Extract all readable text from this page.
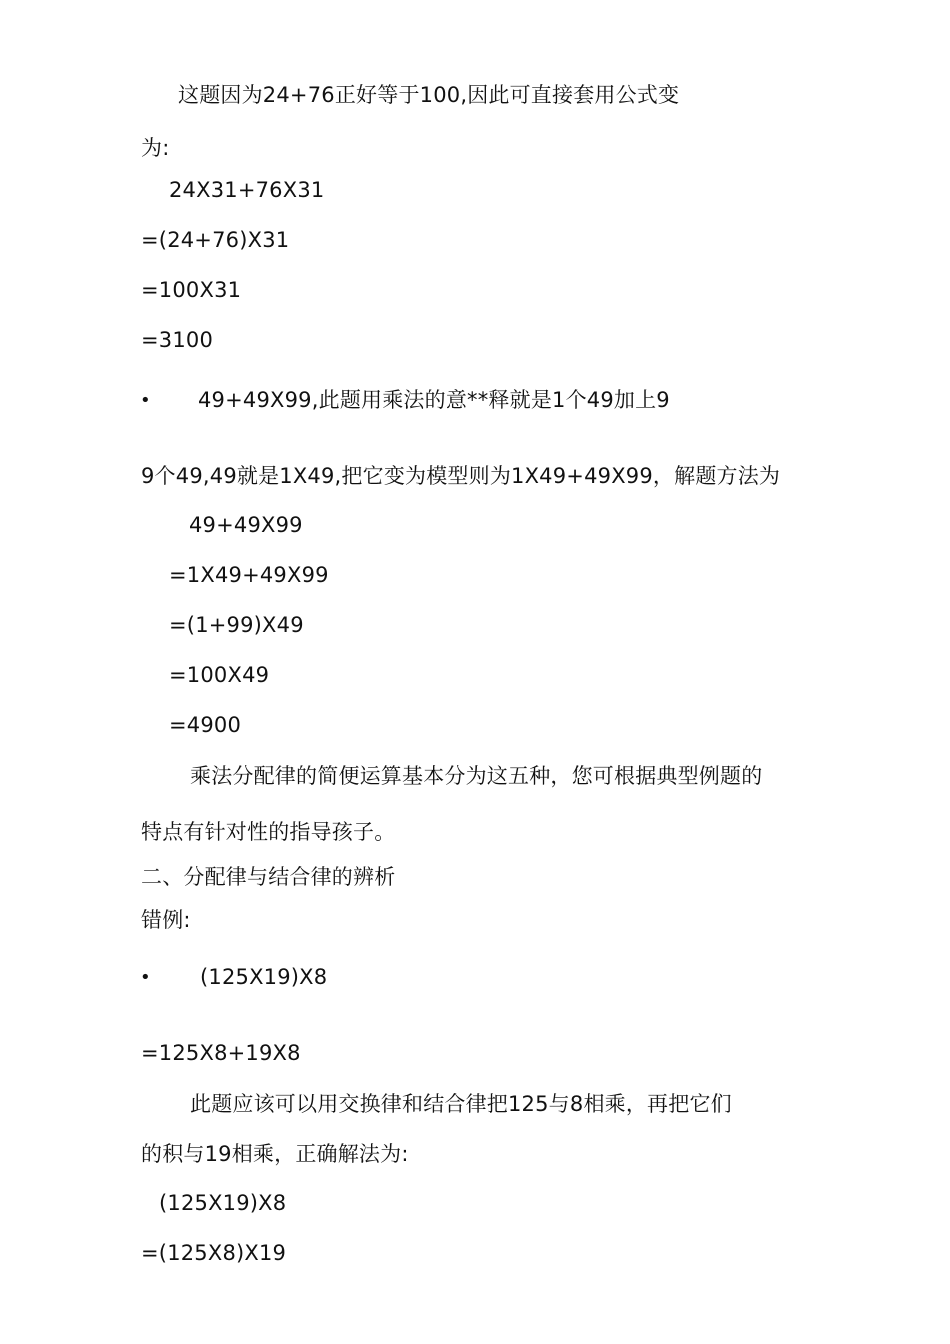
这题因为24+76正好等于100,因此可直接套用公式变
为:
24X31+76X31
=(24+76)X31
=100X31
=3100
• 49+49X99,此题用乘法的意**释就是1个49加上9
9个49,49就是1X49,把它变为模型则为1X49+49X99，解题方法为
49+49X99
=1X49+49X99
=(1+99)X49
=100X49
=4900
乘法分配律的简便运算基本分为这五种，您可根据典型例题的
特点有针对性的指导孩子。
二、分配律与结合律的辨析
错例:
• (125X19)X8
=125X8+19X8
此题应该可以用交换律和结合律把125与8相乘，再把它们
的积与19相乘，正确解法为:
(125X19)X8
=(125X8)X19
